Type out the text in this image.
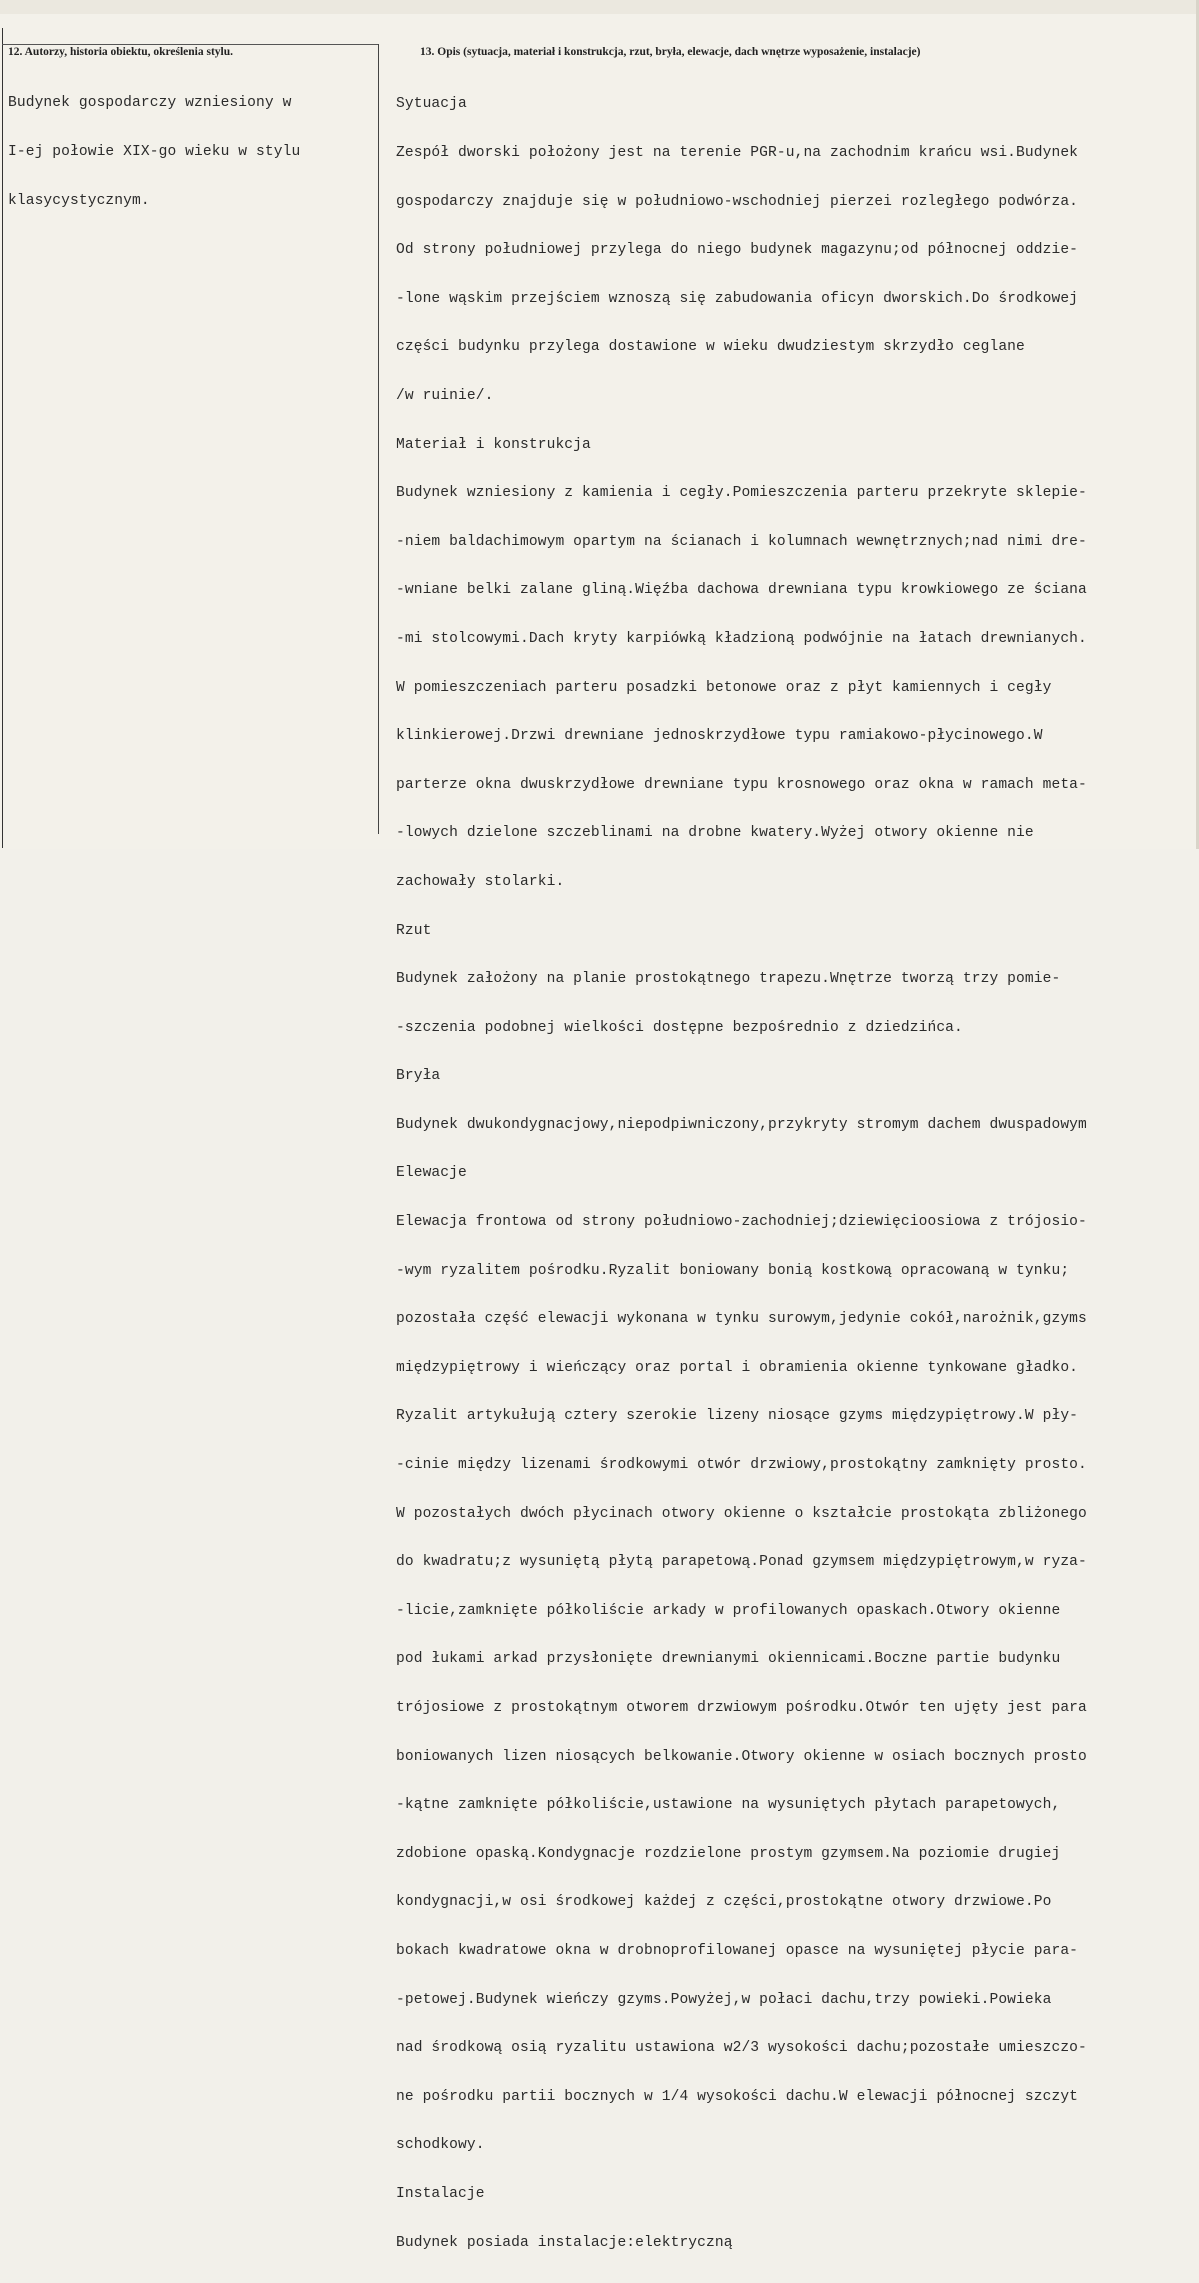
12. Autorzy, historia obiektu, określenia stylu.	13. Opis (sytuacja, materiał i konstrukcja, rzut, bryła, elewacje, dach wnętrze wyposażenie, instalacje)

Budynek gospodarczy wzniesiony w

I-ej połowie XIX-go wieku w stylu

klasycystycznym.

Sytuacja

Zespół dworski położony jest na terenie PGR-u,na zachodnim krańcu wsi.Budynek

gospodarczy znajduje się w południowo-wschodniej pierzei rozległego podwórza.

Od strony południowej przylega do niego budynek magazynu;od północnej oddzie-

-lone wąskim przejściem wznoszą się zabudowania oficyn dworskich.Do środkowej

części budynku przylega dostawione w wieku dwudziestym skrzydło ceglane

/w ruinie/.

Materiał i konstrukcja

Budynek wzniesiony z kamienia i cegły.Pomieszczenia parteru przekryte sklepie-

-niem baldachimowym opartym na ścianach i kolumnach wewnętrznych;nad nimi dre-

-wniane belki zalane gliną.Więźba dachowa drewniana typu krowkiowego ze ściana

-mi stolcowymi.Dach kryty karpiówką kładzioną podwójnie na łatach drewnianych.

W pomieszczeniach parteru posadzki betonowe oraz z płyt kamiennych i cegły

klinkierowej.Drzwi drewniane jednoskrzydłowe typu ramiakowo-płycinowego.W

parterze okna dwuskrzydłowe drewniane typu krosnowego oraz okna w ramach meta-

-lowych dzielone szczeblinami na drobne kwatery.Wyżej otwory okienne nie

zachowały stolarki.

Rzut

Budynek założony na planie prostokątnego trapezu.Wnętrze tworzą trzy pomie-

-szczenia podobnej wielkości dostępne bezpośrednio z dziedzińca.

Bryła

Budynek dwukondygnacjowy,niepodpiwniczony,przykryty stromym dachem dwuspadowym

Elewacje

Elewacja frontowa od strony południowo-zachodniej;dziewięcioosiowa z trójosio-

-wym ryzalitem pośrodku.Ryzalit boniowany bonią kostkową opracowaną w tynku;

pozostała część elewacji wykonana w tynku surowym,jedynie cokół,narożnik,gzyms

międzypiętrowy i wieńczący oraz portal i obramienia okienne tynkowane gładko.

Ryzalit artykułują cztery szerokie lizeny niosące gzyms międzypiętrowy.W pły-

-cinie między lizenami środkowymi otwór drzwiowy,prostokątny zamknięty prosto.

W pozostałych dwóch płycinach otwory okienne o kształcie prostokąta zbliżonego

do kwadratu;z wysuniętą płytą parapetową.Ponad gzymsem międzypiętrowym,w ryza-

-licie,zamknięte półkoliście arkady w profilowanych opaskach.Otwory okienne

pod łukami arkad przysłonięte drewnianymi okiennicami.Boczne partie budynku

trójosiowe z prostokątnym otworem drzwiowym pośrodku.Otwór ten ujęty jest para

boniowanych lizen niosących belkowanie.Otwory okienne w osiach bocznych prosto

-kątne zamknięte półkoliście,ustawione na wysuniętych płytach parapetowych,

zdobione opaską.Kondygnacje rozdzielone prostym gzymsem.Na poziomie drugiej

kondygnacji,w osi środkowej każdej z części,prostokątne otwory drzwiowe.Po

bokach kwadratowe okna w drobnoprofilowanej opasce na wysuniętej płycie para-

-petowej.Budynek wieńczy gzyms.Powyżej,w połaci dachu,trzy powieki.Powieka

nad środkową osią ryzalitu ustawiona w2/3 wysokości dachu;pozostałe umieszczo-

ne pośrodku partii bocznych w 1/4 wysokości dachu.W elewacji północnej szczyt

schodkowy.

Instalacje

Budynek posiada instalacje:elektryczną
